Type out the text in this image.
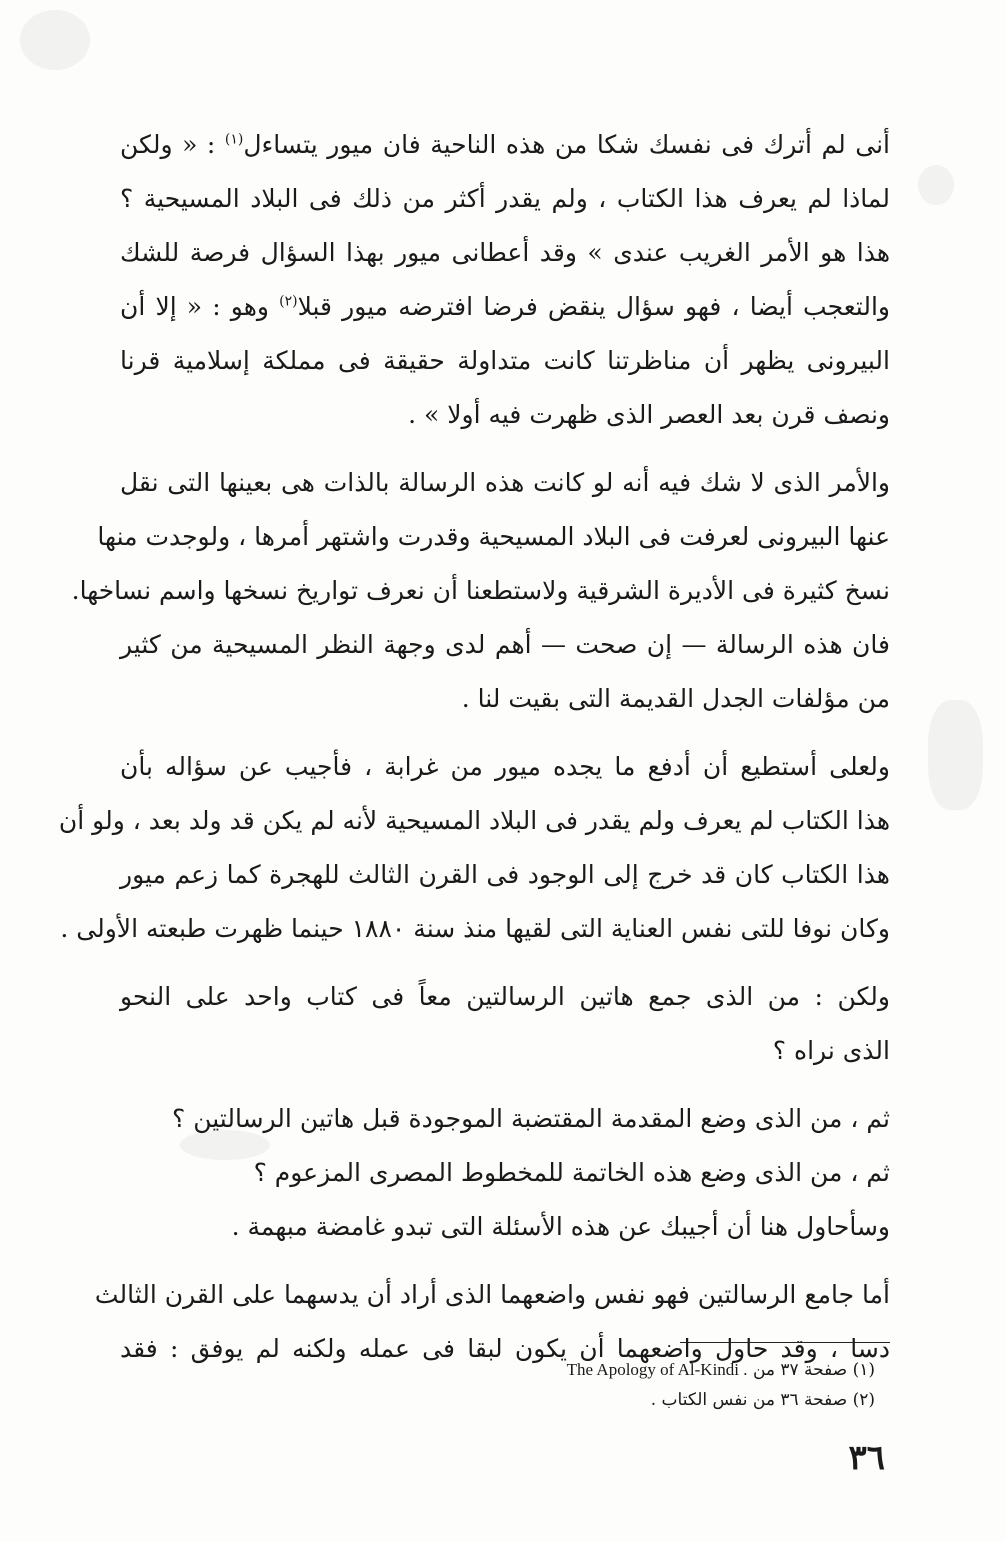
أنى لم أترك فى نفسك شكا من هذه الناحية فان ميور يتساءل$^{(١)}$ : « ولكن
لماذا لم يعرف هذا الكتاب ، ولم يقدر أكثر من ذلك فى البلاد المسيحية ؟
هذا هو الأمر الغريب عندى » وقد أعطانى ميور بهذا السؤال فرصة للشك
والتعجب أيضا ، فهو سؤال ينقض فرضا افترضه ميور قبلا$^{(٢)}$ وهو : « إلا أن
البيرونى يظهر أن مناظرتنا كانت متداولة حقيقة فى مملكة إسلامية قرنا
ونصف قرن بعد العصر الذى ظهرت فيه أولا » .
والأمر الذى لا شك فيه أنه لو كانت هذه الرسالة بالذات هى بعينها التى نقل
عنها البيرونى لعرفت فى البلاد المسيحية وقدرت واشتهر أمرها ، ولوجدت منها
نسخ كثيرة فى الأديرة الشرقية ولاستطعنا أن نعرف تواريخ نسخها واسم نساخها.
فان هذه الرسالة — إن صحت — أهم لدى وجهة النظر المسيحية من كثير
من مؤلفات الجدل القديمة التى بقيت لنا .
ولعلى أستطيع أن أدفع ما يجده ميور من غرابة ، فأجيب عن سؤاله بأن
هذا الكتاب لم يعرف ولم يقدر فى البلاد المسيحية لأنه لم يكن قد ولد بعد ، ولو أن
هذا الكتاب كان قد خرج إلى الوجود فى القرن الثالث للهجرة كما زعم ميور
وكان نوفا للتى نفس العناية التى لقيها منذ سنة ١٨٨٠ حينما ظهرت طبعته الأولى .
ولكن : من الذى جمع هاتين الرسالتين معاً فى كتاب واحد على النحو
الذى نراه ؟
ثم ، من الذى وضع المقدمة المقتضبة الموجودة قبل هاتين الرسالتين ؟
ثم ، من الذى وضع هذه الخاتمة للمخطوط المصرى المزعوم ؟
وسأحاول هنا أن أجيبك عن هذه الأسئلة التى تبدو غامضة مبهمة .
أما جامع الرسالتين فهو نفس واضعهما الذى أراد أن يدسهما على القرن الثالث
دسا ، وقد حاول واضعهما أن يكون لبقا فى عمله ولكنه لم يوفق : فقد
(١) صفحة ٣٧ من The Apology of Al-Kindi .
(٢) صفحة ٣٦ من نفس الكتاب .
٣٦
